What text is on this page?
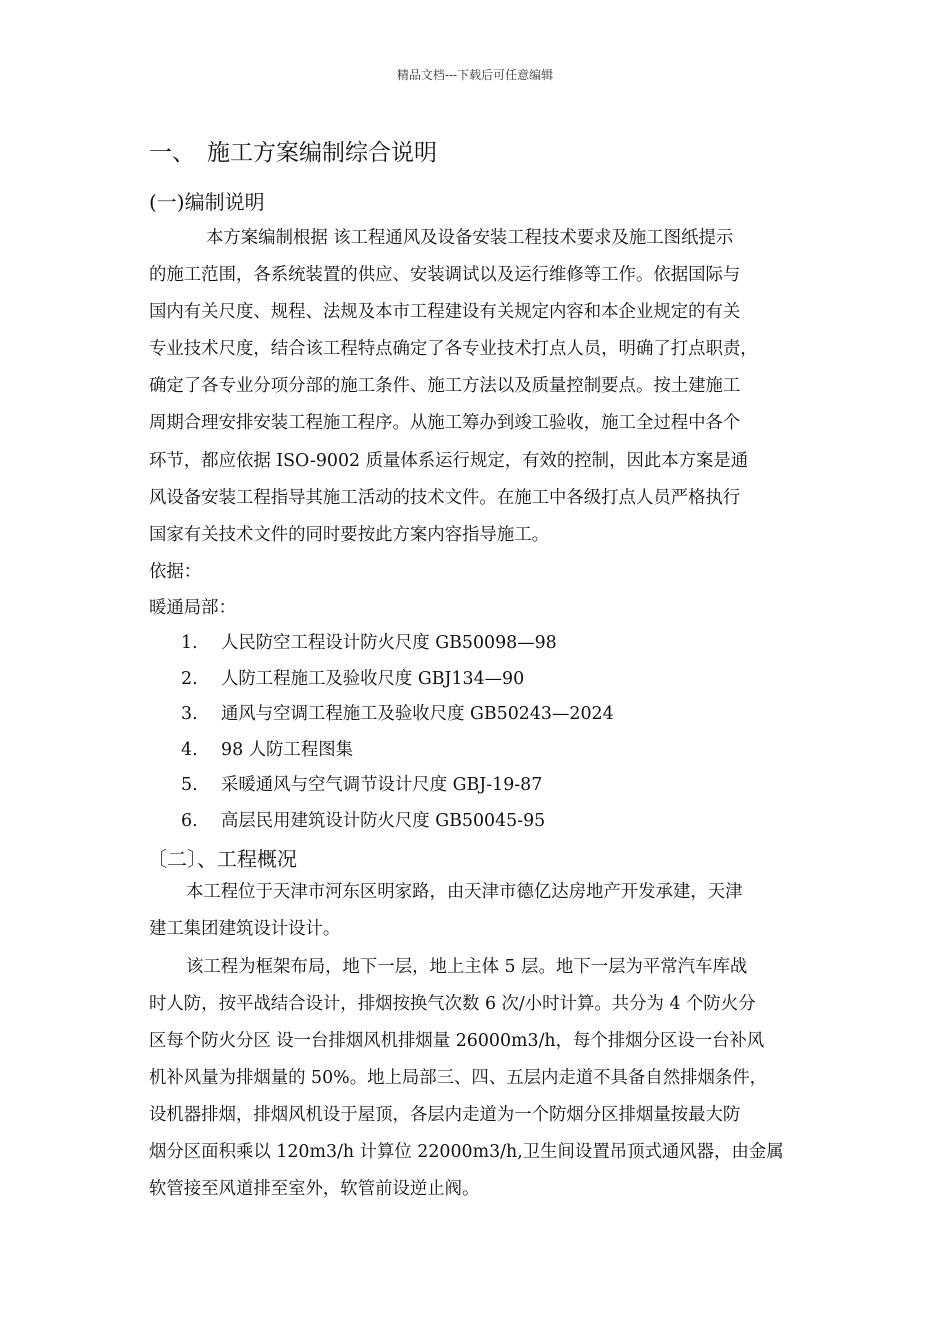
精品文档---下载后可任意编辑
一、 施工方案编制综合说明
(一)编制说明
本方案编制根据 该工程通风及设备安装工程技术要求及施工图纸提示
的施工范围，各系统装置的供应、安装调试以及运行维修等工作。依据国际与
国内有关尺度、规程、法规及本市工程建设有关规定内容和本企业规定的有关
专业技术尺度，结合该工程特点确定了各专业技术打点人员，明确了打点职责，
确定了各专业分项分部的施工条件、施工方法以及质量控制要点。按土建施工
周期合理安排安装工程施工程序。从施工筹办到竣工验收，施工全过程中各个
环节，都应依据 ISO-9002 质量体系运行规定，有效的控制，因此本方案是通
风设备安装工程指导其施工活动的技术文件。在施工中各级打点人员严格执行
国家有关技术文件的同时要按此方案内容指导施工。
依据：
暖通局部：
1. 人民防空工程设计防火尺度 GB50098—98
2. 人防工程施工及验收尺度 GBJ134—90
3. 通风与空调工程施工及验收尺度 GB50243—2024
4. 98 人防工程图集
5. 采暖通风与空气调节设计尺度 GBJ-19-87
6. 高层民用建筑设计防火尺度 GB50045-95
〔二〕、工程概况
本工程位于天津市河东区明家路，由天津市德亿达房地产开发承建，天津
建工集团建筑设计设计。
该工程为框架布局，地下一层，地上主体 5 层。地下一层为平常汽车库战
时人防，按平战结合设计，排烟按换气次数 6 次/小时计算。共分为 4 个防火分
区每个防火分区 设一台排烟风机排烟量 26000m3/h，每个排烟分区设一台补风
机补风量为排烟量的 50%。地上局部三、四、五层内走道不具备自然排烟条件，
设机器排烟，排烟风机设于屋顶，各层内走道为一个防烟分区排烟量按最大防
烟分区面积乘以 120m3/h 计算位 22000m3/h,卫生间设置吊顶式通风器，由金属
软管接至风道排至室外，软管前设逆止阀。
